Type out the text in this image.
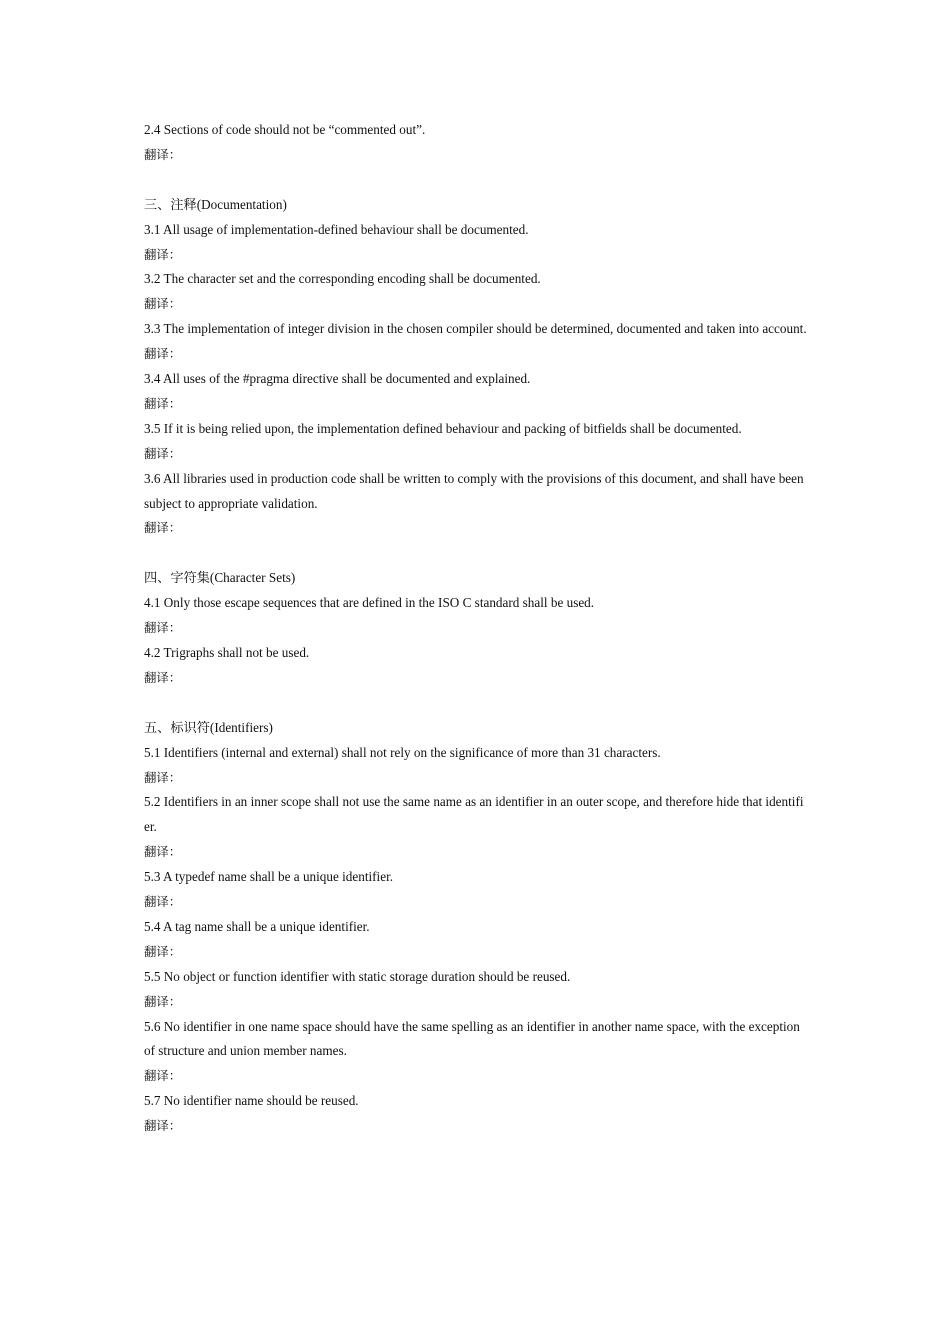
2.4 Sections of code should not be “commented out”.

翻译：

三、注释(Documentation)

3.1 All usage of implementation-defined behaviour shall be documented.

翻译：

3.2 The character set and the corresponding encoding shall be documented.

翻译：

3.3 The implementation of integer division in the chosen compiler should be determined, documented and taken into account.

翻译：

3.4 All uses of the #pragma directive shall be documented and explained.

翻译：

3.5 If it is being relied upon, the implementation defined behaviour and packing of bitfields shall be documented.

翻译：

3.6 All libraries used in production code shall be written to comply with the provisions of this document, and shall have been subject to appropriate validation.

翻译：

四、字符集(Character Sets)

4.1 Only those escape sequences that are defined in the ISO C standard shall be used.

翻译：

4.2 Trigraphs shall not be used.

翻译：

五、标识符(Identifiers)

5.1 Identifiers (internal and external) shall not rely on the significance of more than 31 characters.

翻译：

5.2 Identifiers in an inner scope shall not use the same name as an identifier in an outer scope, and therefore hide that identifier.

翻译：

5.3 A typedef name shall be a unique identifier.

翻译：

5.4 A tag name shall be a unique identifier.

翻译：

5.5 No object or function identifier with static storage duration should be reused.

翻译：

5.6 No identifier in one name space should have the same spelling as an identifier in another name space, with the exception of structure and union member names.

翻译：

5.7 No identifier name should be reused.

翻译：
